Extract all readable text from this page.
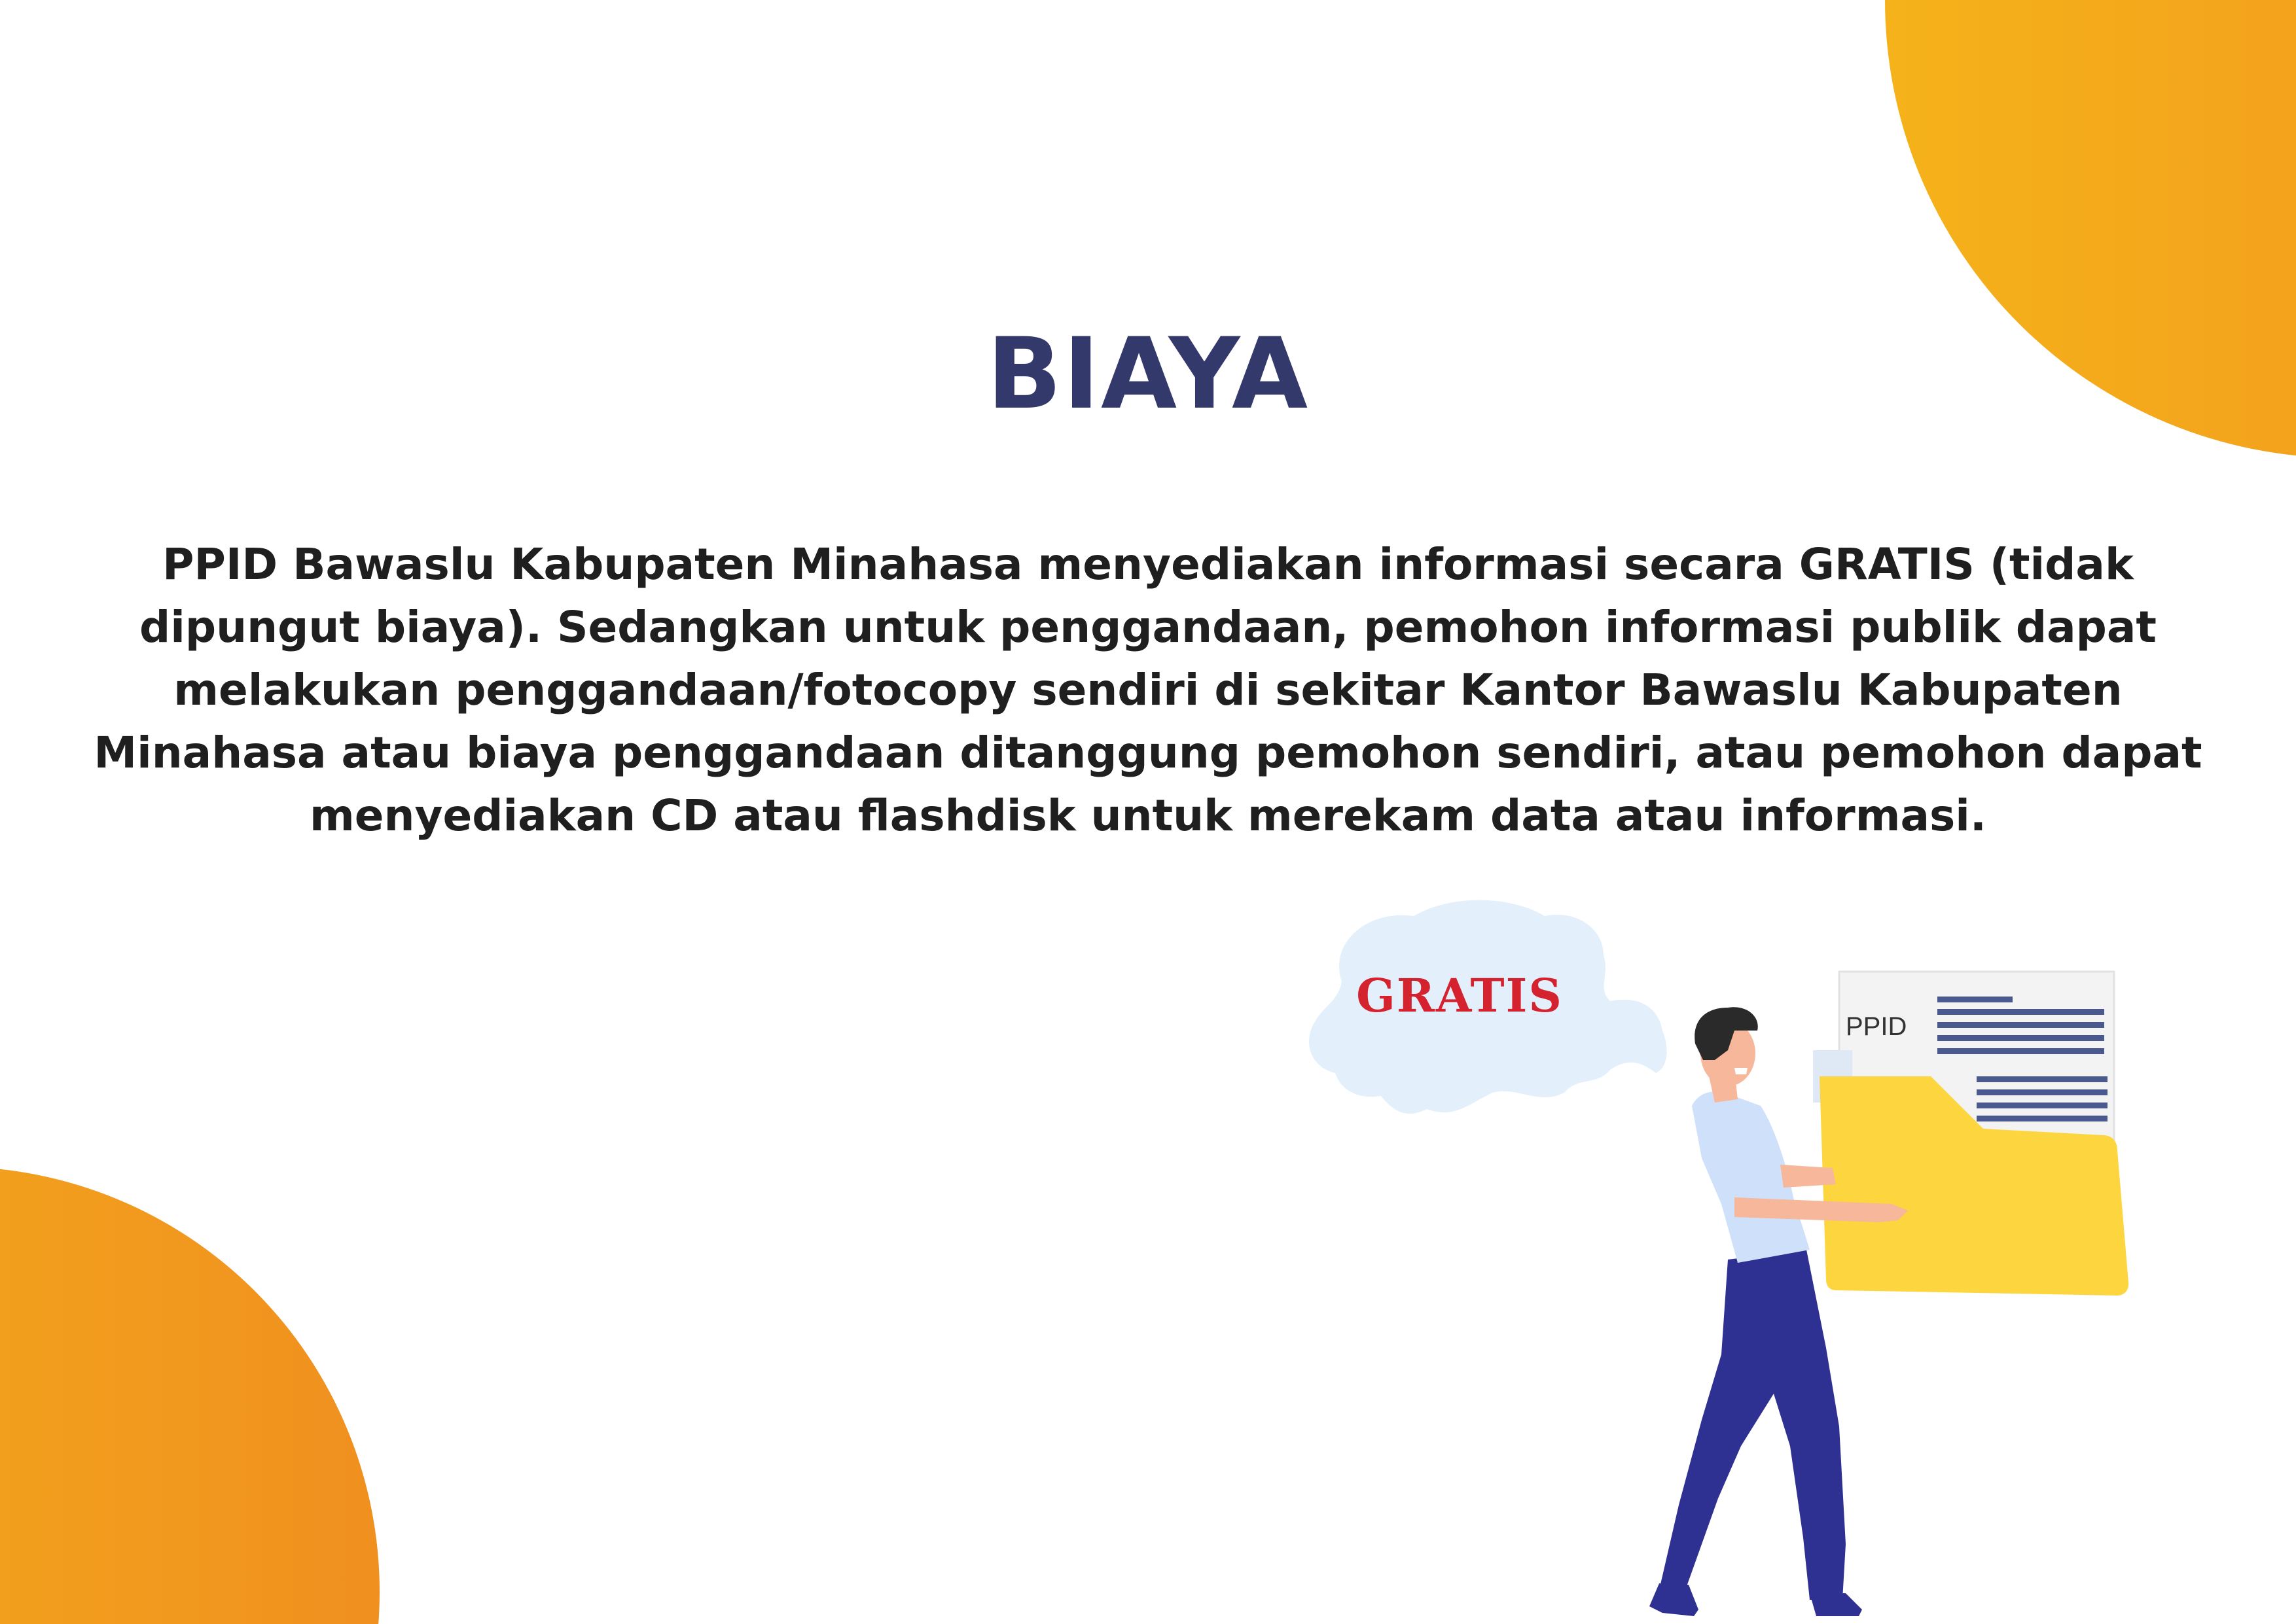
BIAYA
PPID Bawaslu Kabupaten Minahasa menyediakan informasi secara GRATIS (tidak dipungut biaya). Sedangkan untuk penggandaan, pemohon informasi publik dapat melakukan penggandaan/fotocopy sendiri di sekitar Kantor Bawaslu Kabupaten Minahasa atau biaya penggandaan ditanggung pemohon sendiri, atau pemohon dapat menyediakan CD atau flashdisk untuk merekam data atau informasi.
GRATIS
PPID
